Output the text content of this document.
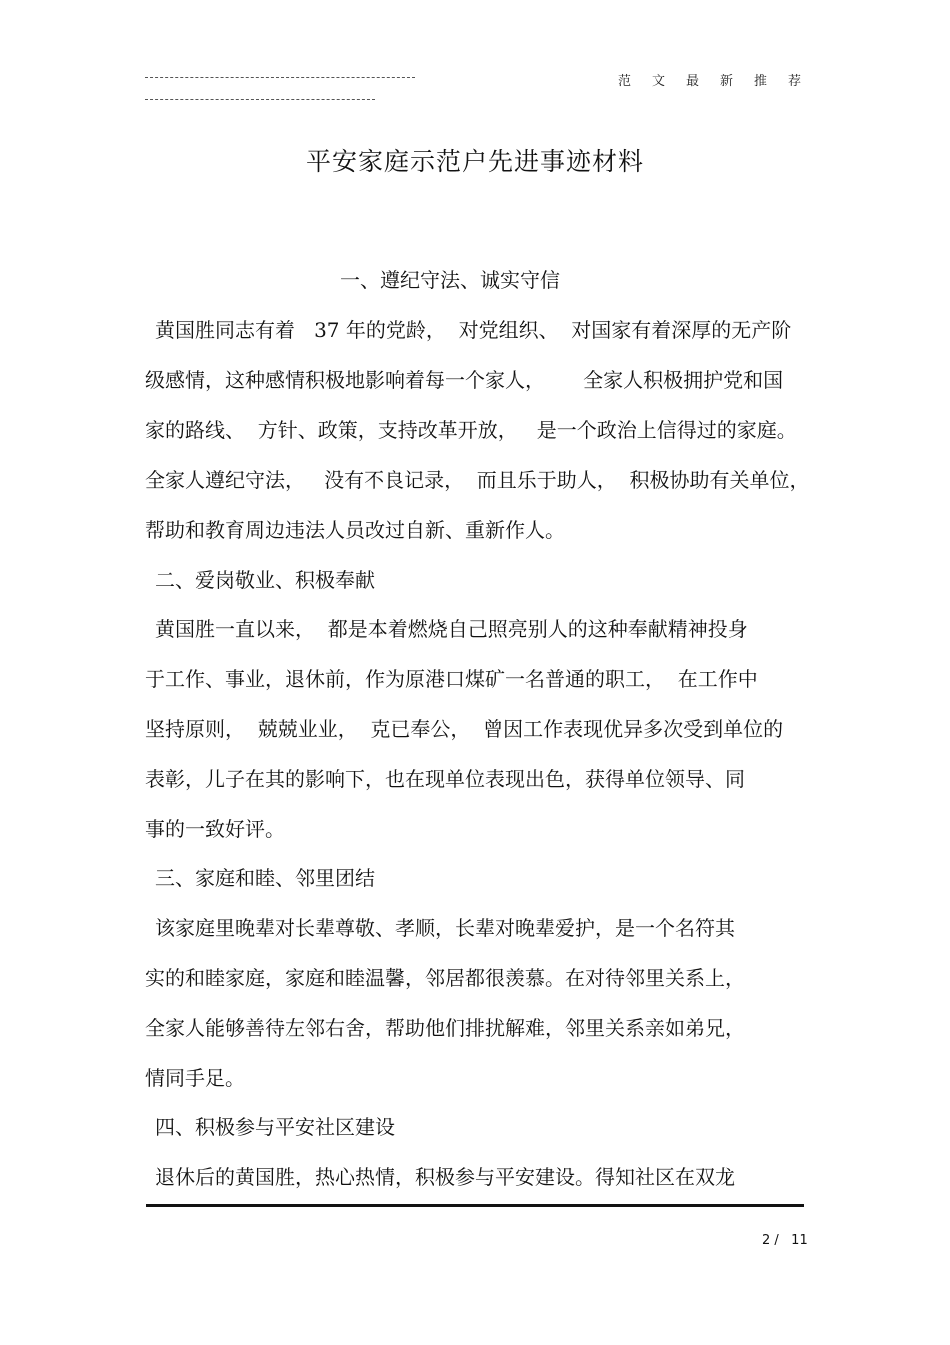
范文最新推荐
平安家庭示范户先进事迹材料
一、遵纪守法、诚实守信
黄国胜同志有着   37 年的党龄，  对党组织、  对国家有着深厚的无产阶
级感情，这种感情积极地影响着每一个家人，      全家人积极拥护党和国
家的路线、  方针、政策，支持改革开放，   是一个政治上信得过的家庭。
全家人遵纪守法，   没有不良记录，  而且乐于助人，  积极协助有关单位，
帮助和教育周边违法人员改过自新、重新作人。
二、爱岗敬业、积极奉献
黄国胜一直以来，  都是本着燃烧自己照亮别人的这种奉献精神投身
于工作、事业，退休前，作为原港口煤矿一名普通的职工，  在工作中
坚持原则，  兢兢业业，  克已奉公，  曾因工作表现优异多次受到单位的
表彰，儿子在其的影响下，也在现单位表现出色，获得单位领导、同
事的一致好评。
三、家庭和睦、邻里团结
该家庭里晚辈对长辈尊敬、孝顺，长辈对晚辈爱护，是一个名符其
实的和睦家庭，家庭和睦温馨，邻居都很羡慕。在对待邻里关系上，
全家人能够善待左邻右舍，帮助他们排扰解难，邻里关系亲如弟兄，
情同手足。
四、积极参与平安社区建设
退休后的黄国胜，热心热情，积极参与平安建设。得知社区在双龙
2 /   11
